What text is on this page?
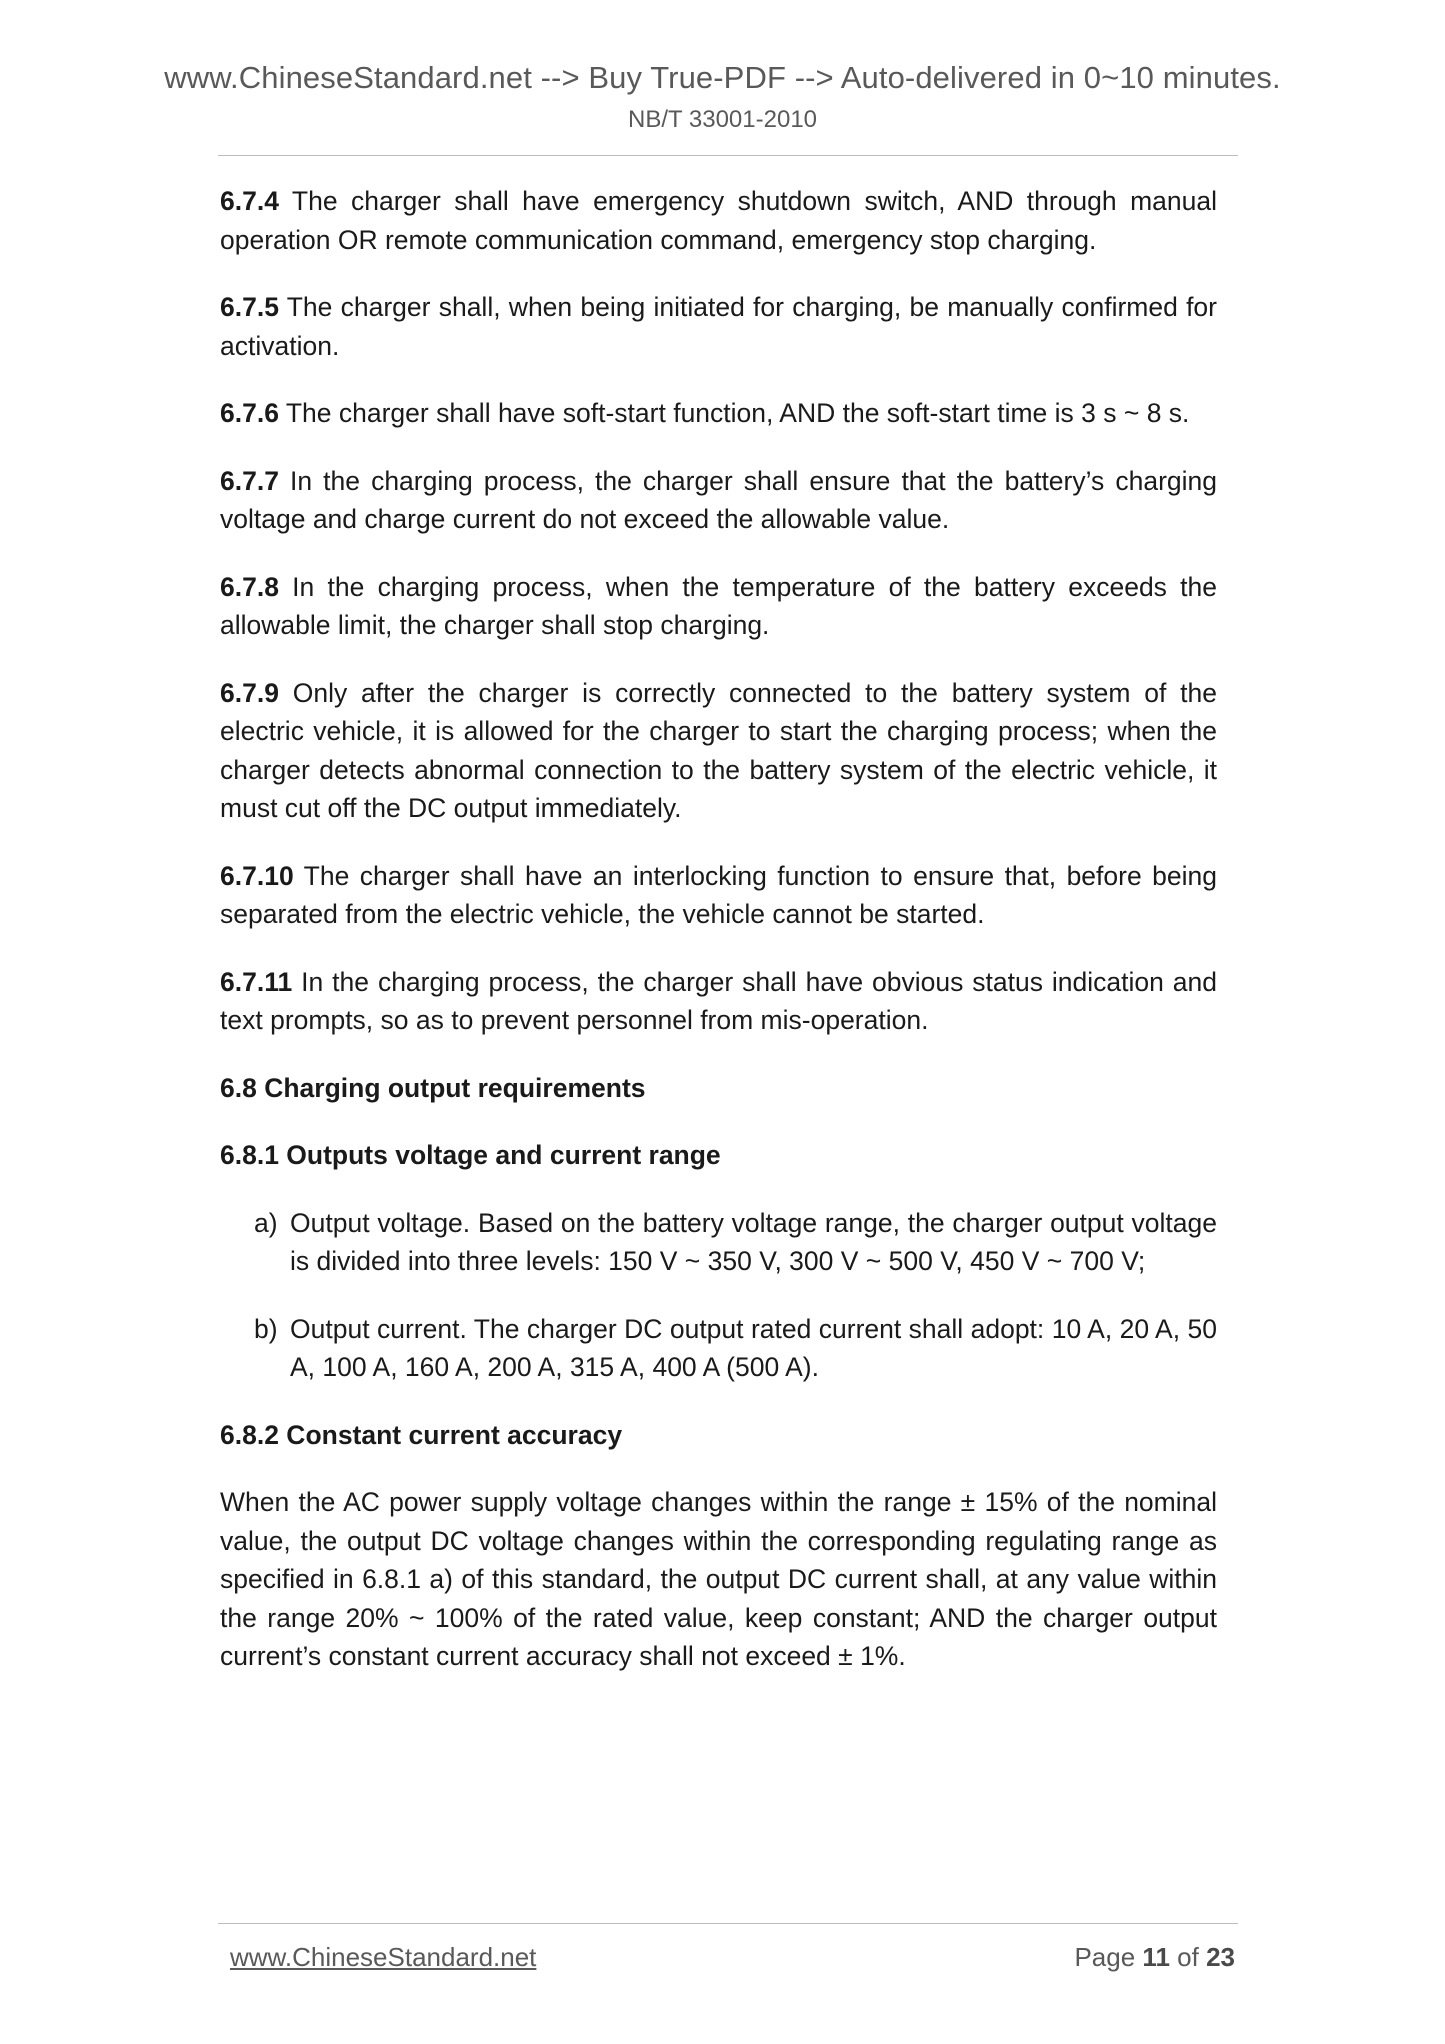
www.ChineseStandard.net --> Buy True-PDF --> Auto-delivered in 0~10 minutes.
NB/T 33001-2010

6.7.4 The charger shall have emergency shutdown switch, AND through manual operation OR remote communication command, emergency stop charging.

6.7.5 The charger shall, when being initiated for charging, be manually confirmed for activation.

6.7.6 The charger shall have soft-start function, AND the soft-start time is 3 s ~ 8 s.

6.7.7 In the charging process, the charger shall ensure that the battery’s charging voltage and charge current do not exceed the allowable value.

6.7.8 In the charging process, when the temperature of the battery exceeds the allowable limit, the charger shall stop charging.

6.7.9 Only after the charger is correctly connected to the battery system of the electric vehicle, it is allowed for the charger to start the charging process; when the charger detects abnormal connection to the battery system of the electric vehicle, it must cut off the DC output immediately.

6.7.10 The charger shall have an interlocking function to ensure that, before being separated from the electric vehicle, the vehicle cannot be started.

6.7.11 In the charging process, the charger shall have obvious status indication and text prompts, so as to prevent personnel from mis-operation.

6.8 Charging output requirements
6.8.1 Outputs voltage and current range
a) Output voltage. Based on the battery voltage range, the charger output voltage is divided into three levels: 150 V ~ 350 V, 300 V ~ 500 V, 450 V ~ 700 V;
b) Output current. The charger DC output rated current shall adopt: 10 A, 20 A, 50 A, 100 A, 160 A, 200 A, 315 A, 400 A (500 A).
6.8.2 Constant current accuracy

When the AC power supply voltage changes within the range ± 15% of the nominal value, the output DC voltage changes within the corresponding regulating range as specified in 6.8.1 a) of this standard, the output DC current shall, at any value within the range 20% ~ 100% of the rated value, keep constant; AND the charger output current’s constant current accuracy shall not exceed ± 1%.

www.ChineseStandard.net	Page 11 of 23
